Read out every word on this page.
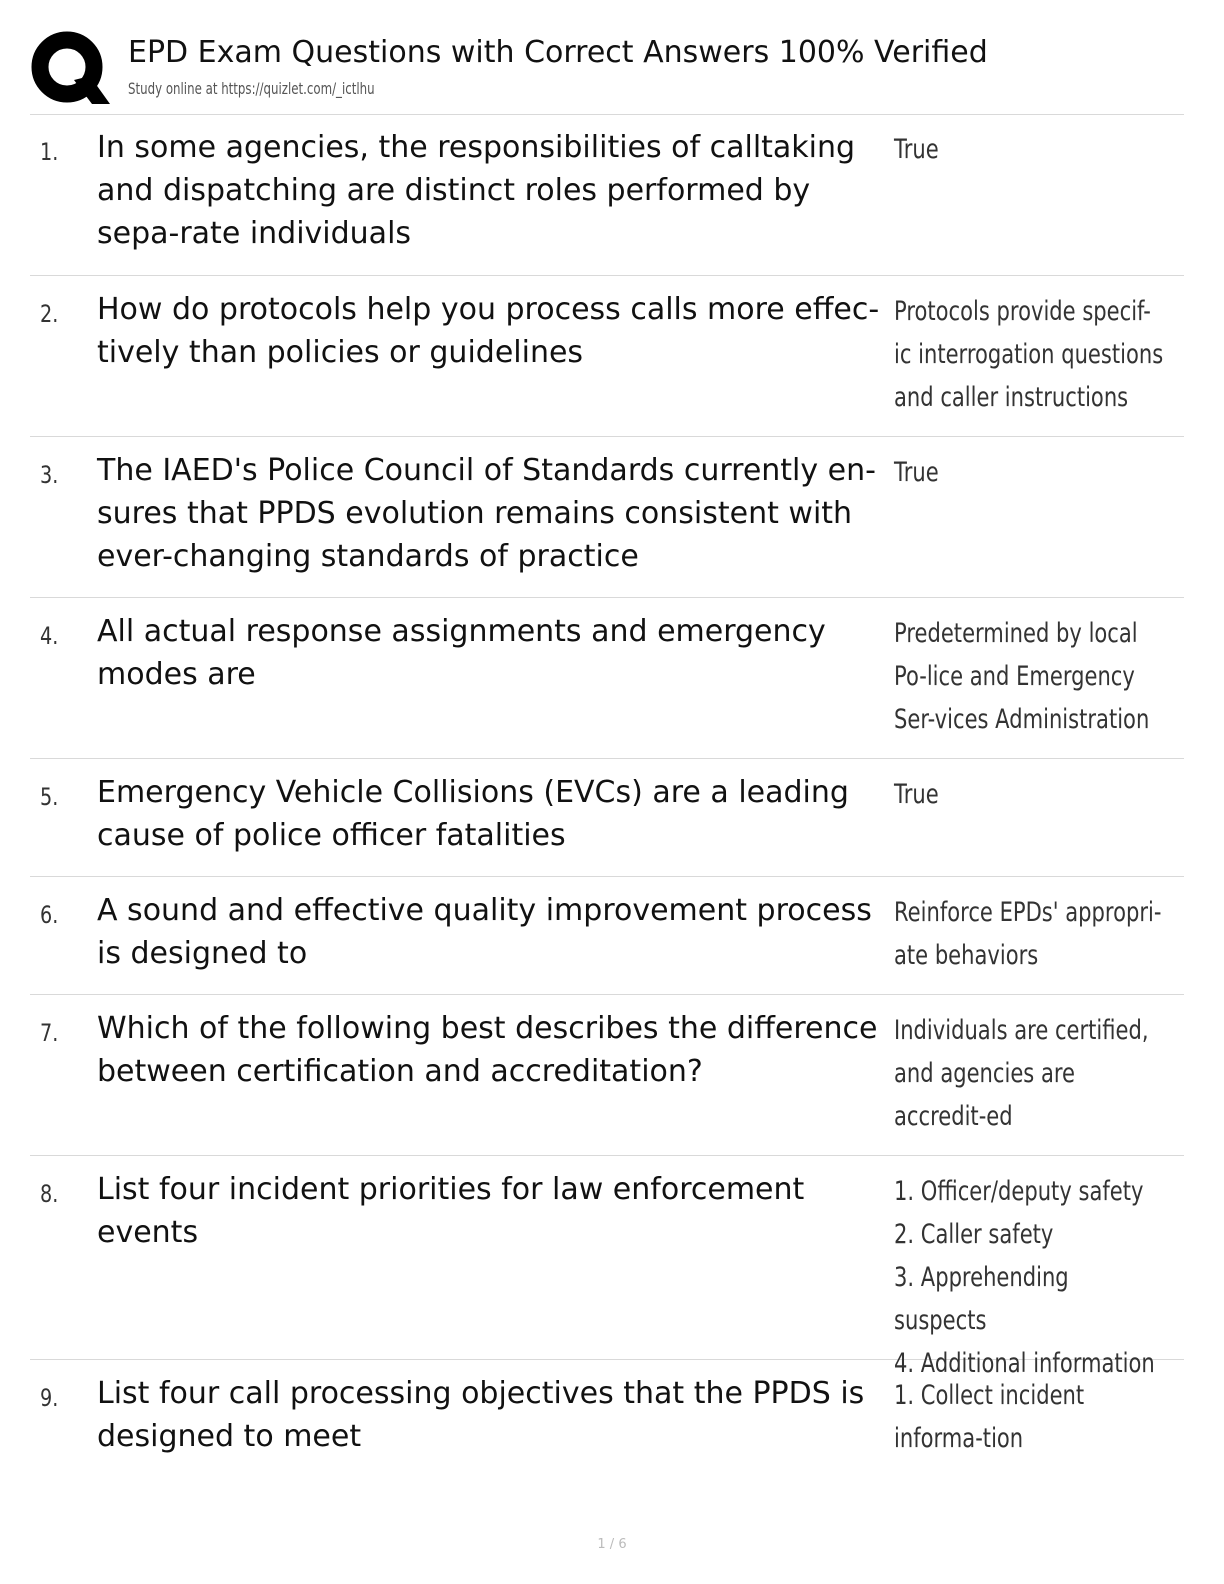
EPD Exam Questions with Correct Answers 100% Verified
Study online at https://quizlet.com/_ictlhu
1. In some agencies, the responsibilities of calltaking and dispatching are distinct roles performed by sepa-rate individuals
True
2. How do protocols help you process calls more effec-tively than policies or guidelines
Protocols provide specif-ic interrogation questions and caller instructions
3. The IAED's Police Council of Standards currently en-sures that PPDS evolution remains consistent with ever-changing standards of practice
True
4. All actual response assignments and emergency modes are
Predetermined by local Po-lice and Emergency Ser-vices Administration
5. Emergency Vehicle Collisions (EVCs) are a leading cause of police officer fatalities
True
6. A sound and effective quality improvement process is designed to
Reinforce EPDs' appropri-ate behaviors
7. Which of the following best describes the difference between certification and accreditation?
Individuals are certified, and agencies are accredit-ed
8. List four incident priorities for law enforcement events
1. Officer/deputy safety
2. Caller safety
3. Apprehending suspects
4. Additional information
9. List four call processing objectives that the PPDS is designed to meet
1. Collect incident informa-tion
1 / 6
